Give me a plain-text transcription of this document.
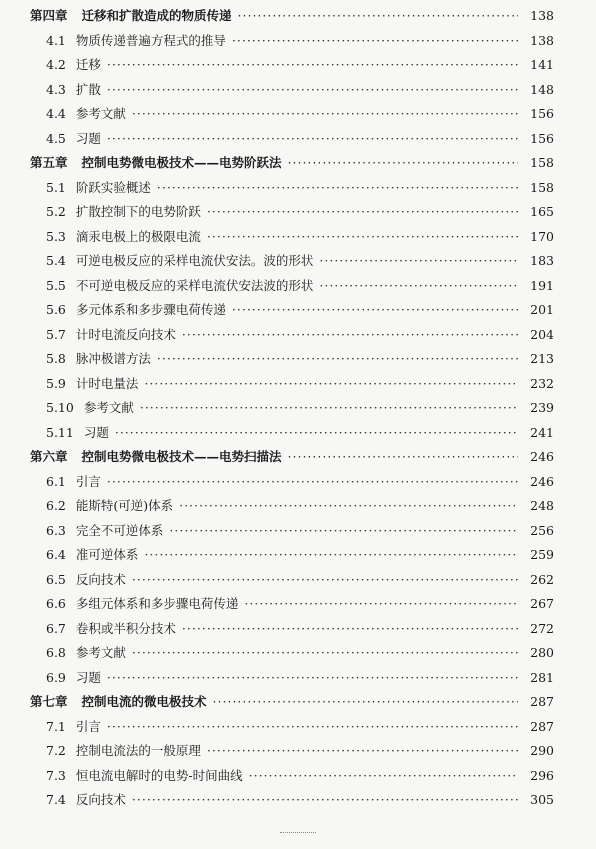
第四章 迁移和扩散造成的物质传递 ·····	138
4.1 物质传递普遍方程式的推导 ·····	138
4.2 迁移 ·····	141
4.3 扩散 ·····	148
4.4 参考文献 ·····	156
4.5 习题 ·····	156
第五章 控制电势微电极技术——电势阶跃法 ·····	158
5.1 阶跃实验概述 ·····	158
5.2 扩散控制下的电势阶跃 ·····	165
5.3 滴汞电极上的极限电流 ·····	170
5.4 可逆电极反应的采样电流伏安法。波的形状 ·····	183
5.5 不可逆电极反应的采样电流伏安法波的形状 ·····	191
5.6 多元体系和多步骤电荷传递 ·····	201
5.7 计时电流反向技术 ·····	204
5.8 脉冲极谱方法 ·····	213
5.9 计时电量法 ·····	232
5.10 参考文献 ·····	239
5.11 习题 ·····	241
第六章 控制电势微电极技术——电势扫描法 ·····	246
6.1 引言 ·····	246
6.2 能斯特(可逆)体系 ·····	248
6.3 完全不可逆体系 ·····	256
6.4 准可逆体系 ·····	259
6.5 反向技术 ·····	262
6.6 多组元体系和多步骤电荷传递 ·····	267
6.7 卷积或半积分技术 ·····	272
6.8 参考文献 ·····	280
6.9 习题 ·····	281
第七章 控制电流的微电极技术 ·····	287
7.1 引言 ·····	287
7.2 控制电流法的一般原理 ·····	290
7.3 恒电流电解时的电势-时间曲线 ·····	296
7.4 反向技术 ·····	305
